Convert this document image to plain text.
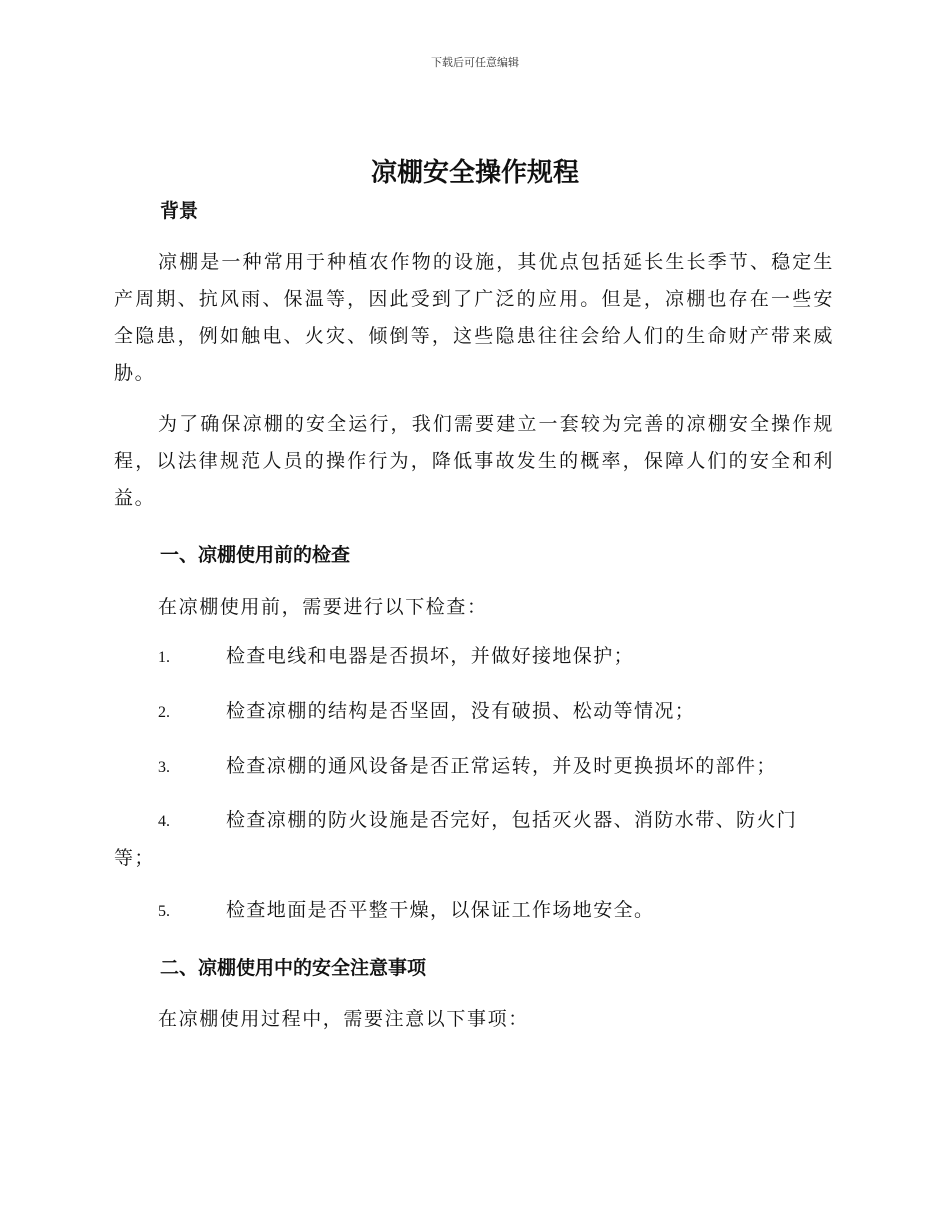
下载后可任意编辑
凉棚安全操作规程
背景
凉棚是一种常用于种植农作物的设施，其优点包括延长生长季节、稳定生产周期、抗风雨、保温等，因此受到了广泛的应用。但是，凉棚也存在一些安全隐患，例如触电、火灾、倾倒等，这些隐患往往会给人们的生命财产带来威胁。
为了确保凉棚的安全运行，我们需要建立一套较为完善的凉棚安全操作规程，以法律规范人员的操作行为，降低事故发生的概率，保障人们的安全和利益。
一、凉棚使用前的检查
在凉棚使用前，需要进行以下检查：
1.	检查电线和电器是否损坏，并做好接地保护；
2.	检查凉棚的结构是否坚固，没有破损、松动等情况；
3.	检查凉棚的通风设备是否正常运转，并及时更换损坏的部件；
4.	检查凉棚的防火设施是否完好，包括灭火器、消防水带、防火门等；
5.	检查地面是否平整干燥，以保证工作场地安全。
二、凉棚使用中的安全注意事项
在凉棚使用过程中，需要注意以下事项：
